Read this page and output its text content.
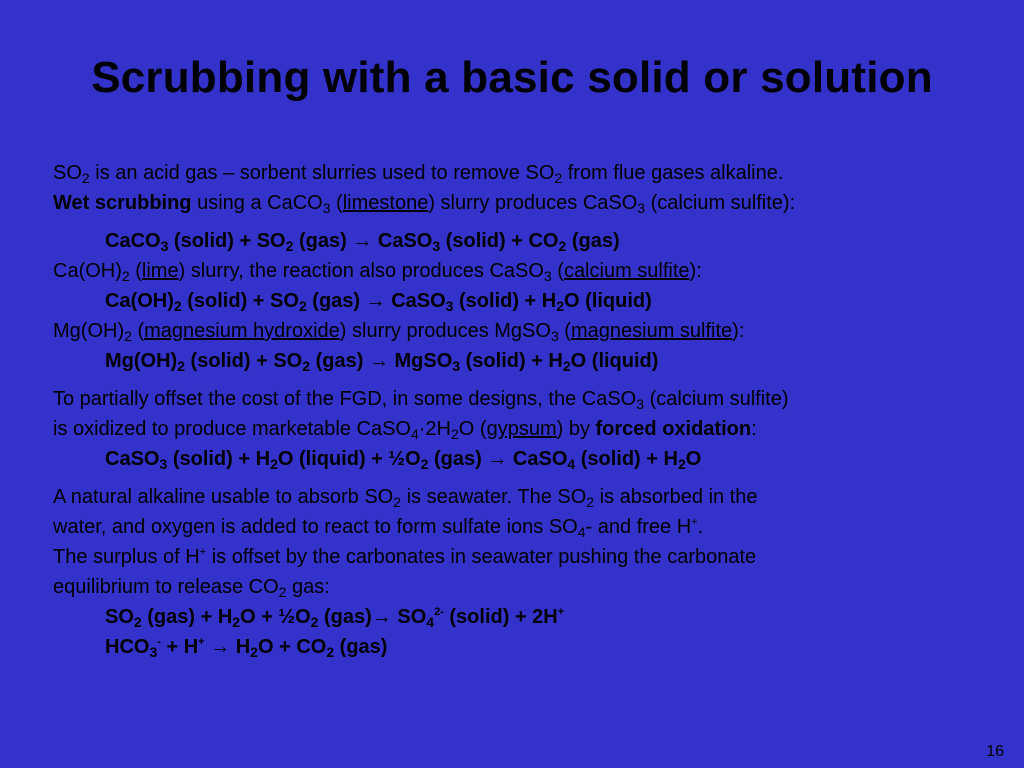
Scrubbing with a basic solid or solution
$SO_2$ is an acid gas – sorbent slurries used to remove $SO_2$ from flue gases alkaline.
Wet scrubbing using a CaCO$_3$ (limestone) slurry produces CaSO$_3$ (calcium sulfite):
CaCO$_3$ (solid) + $SO_2$ (gas) → CaSO$_3$ (solid) + $CO_2$ (gas)
$Ca(OH)_2$ (lime) slurry, the reaction also produces CaSO$_3$ (calcium sulfite):
$Ca(OH)_2$ (solid) + $SO_2$ (gas) → CaSO$_3$ (solid) + $H_2O$ (liquid)
$Mg(OH)_2$ (magnesium hydroxide) slurry produces MgSO$_3$ (magnesium sulfite):
$Mg(OH)_2$ (solid) + $SO_2$ (gas) → MgSO$_3$ (solid) + $H_2O$ (liquid)
To partially offset the cost of the FGD, in some designs, the CaSO$_3$ (calcium sulfite)
is oxidized to produce marketable $CaSO_4\cdot 2H_2O$ (gypsum) by forced oxidation:
CaSO$_3$ (solid) + $H_2O$ (liquid) + $\frac{1}{2}O_2$ (gas) → CaSO$_4$ (solid) + $H_2O$
A natural alkaline usable to absorb $SO_2$ is seawater. The $SO_2$ is absorbed in the
water, and oxygen is added to react to form sulfate ions $SO_4-$ and free H+.
The surplus of H+ is offset by the carbonates in seawater pushing the carbonate
equilibrium to release $CO_2$ gas:
$SO_2$ $(gas) + H_2O$ + $\frac{1}{2}O_2$ $(gas)\to SO_4^{2-}$ (solid) + 2H+
$HCO_3^- + H^+ \to H_2O + CO_2$ (gas)
16
